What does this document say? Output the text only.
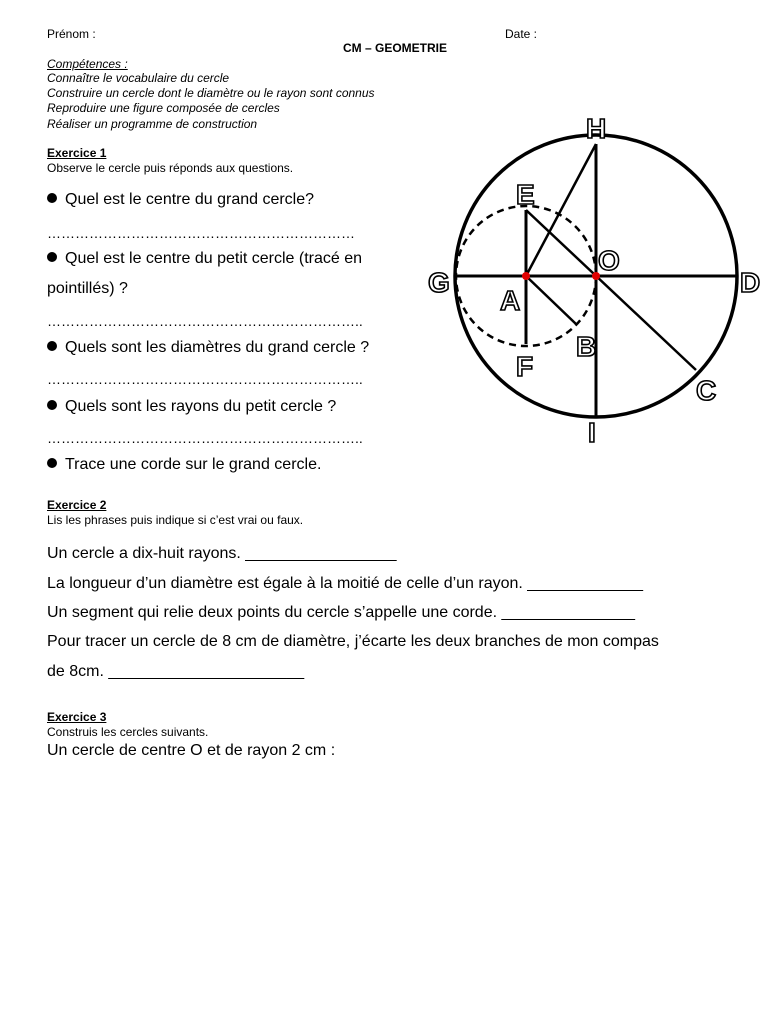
Prénom :	Date :
CM – GEOMETRIE
Compétences :
Connaître le vocabulaire du cercle
Construire un cercle dont le diamètre ou le rayon sont connus
Reproduire une figure composée de cercles
Réaliser un programme de construction
Exercice 1
Observe le cercle puis réponds aux questions.
Quel est le centre du grand cercle?
…………………………………………………………
Quel est le centre du petit cercle (tracé en
pointillés) ?
…………………………………………………………..
Quels sont les diamètres du grand cercle ?
…………………………………………………………..
Quels sont les rayons du petit cercle ?
…………………………………………………………..
Trace une corde sur le grand cercle.
H
E
O
G	D
A
B
F
C
I
Exercice 2
Lis les phrases puis indique si c’est vrai ou faux.
Un cercle a dix-huit rayons. _________________
La longueur d’un diamètre est égale à la moitié de celle d’un rayon. _____________
Un segment qui relie deux points du cercle s’appelle une corde. _______________
Pour tracer un cercle de 8 cm de diamètre, j’écarte les deux branches de mon compas
de 8cm. ______________________
Exercice 3
Construis les cercles suivants.
Un cercle de centre O et de rayon 2 cm :
